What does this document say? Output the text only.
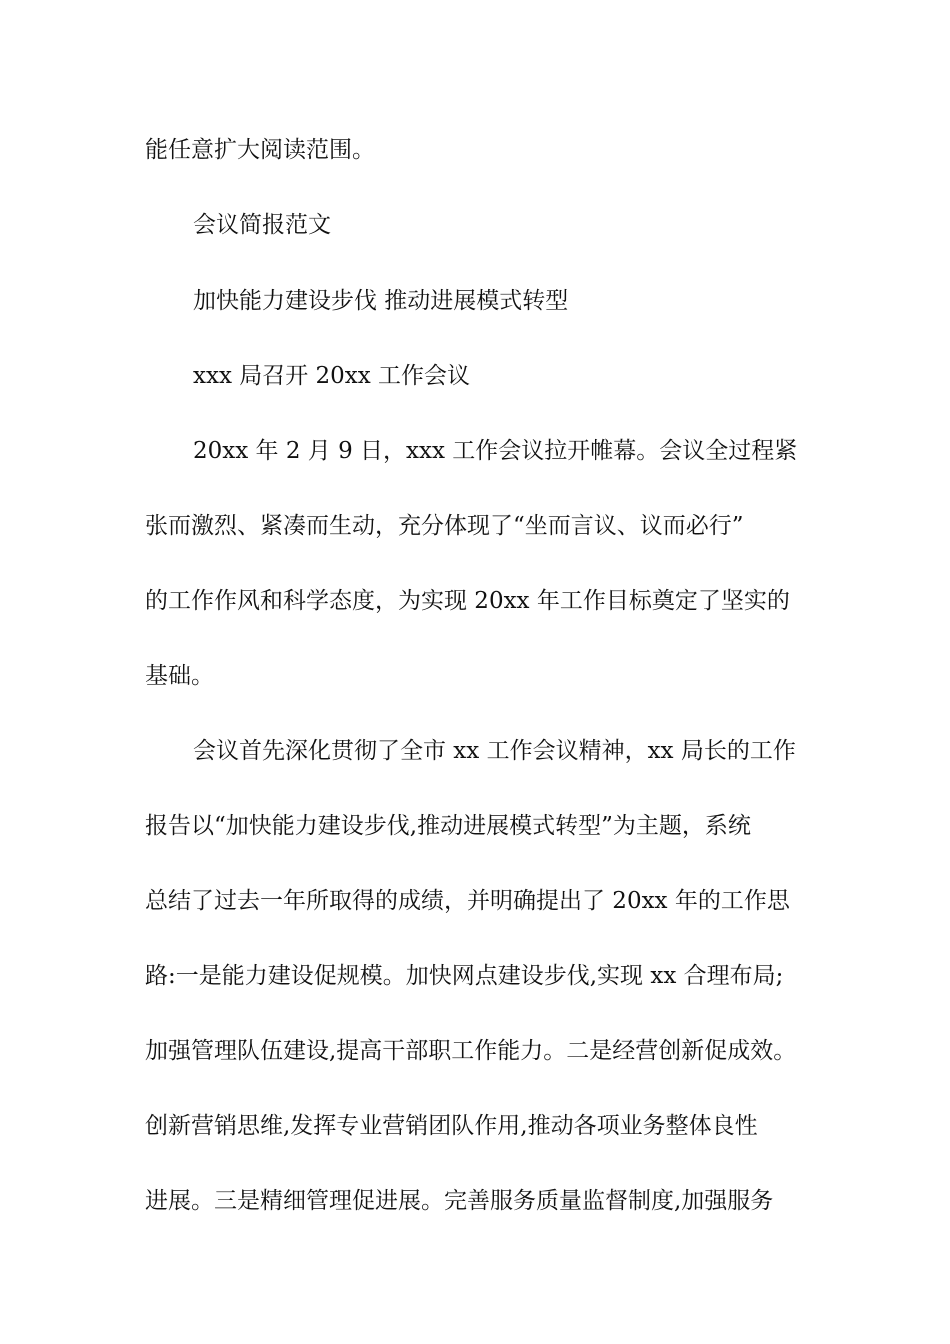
能任意扩大阅读范围。
会议简报范文
加快能力建设步伐 推动进展模式转型
xxx 局召开 20xx 工作会议
20xx 年 2 月 9 日，xxx 工作会议拉开帷幕。会议全过程紧
张而激烈、紧凑而生动，充分体现了“坐而言议、议而必行”
的工作作风和科学态度，为实现 20xx 年工作目标奠定了坚实的
基础。
会议首先深化贯彻了全市 xx 工作会议精神，xx 局长的工作
报告以“加快能力建设步伐,推动进展模式转型”为主题，系统
总结了过去一年所取得的成绩，并明确提出了 20xx 年的工作思
路:一是能力建设促规模。加快网点建设步伐,实现 xx 合理布局;
加强管理队伍建设,提高干部职工作能力。二是经营创新促成效。
创新营销思维,发挥专业营销团队作用,推动各项业务整体良性
进展。三是精细管理促进展。完善服务质量监督制度,加强服务
